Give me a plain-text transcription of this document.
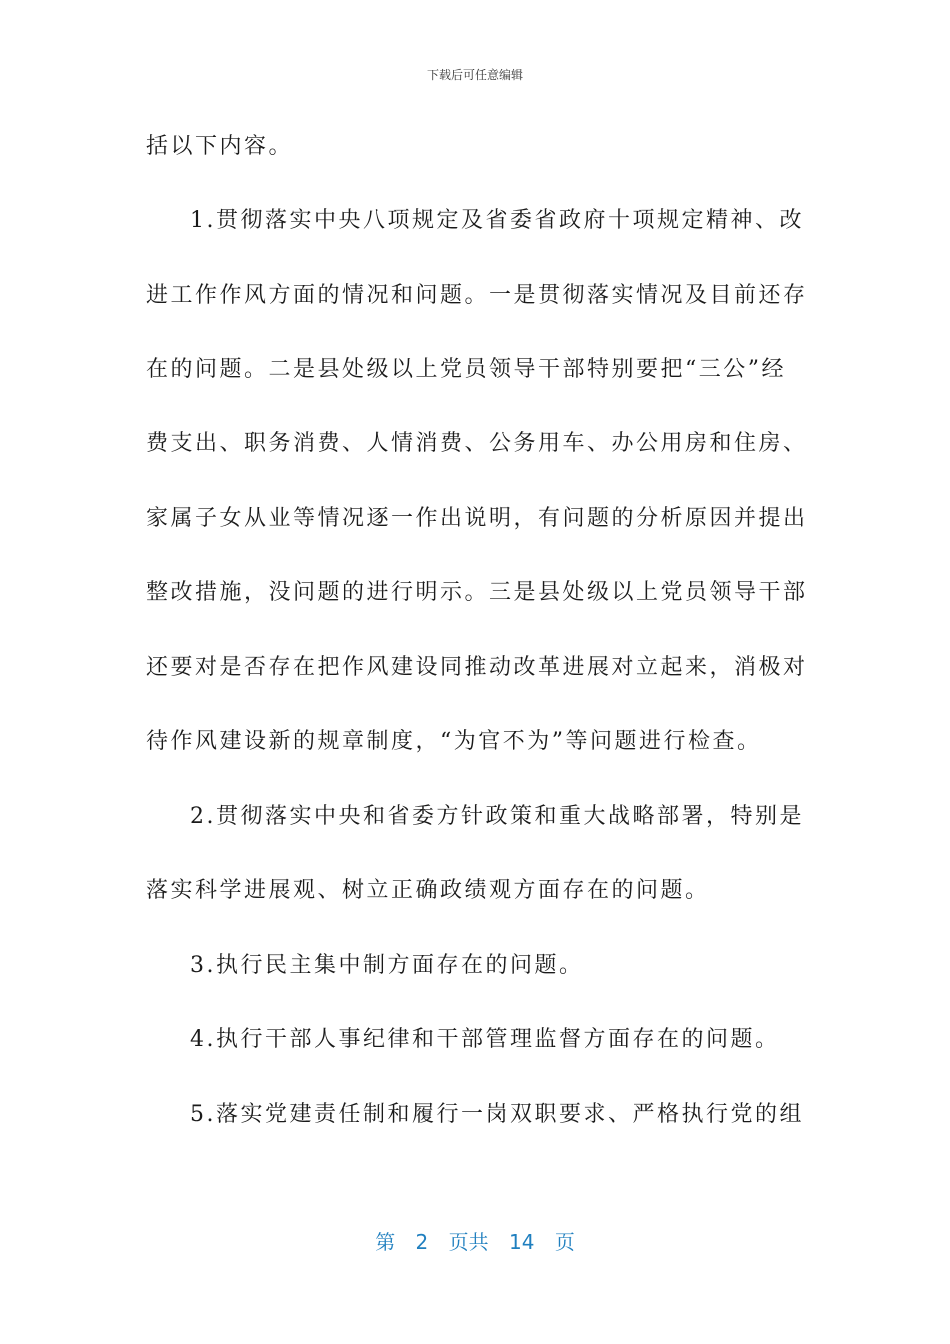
下载后可任意编辑
括以下内容。
1.贯彻落实中央八项规定及省委省政府十项规定精神、改
进工作作风方面的情况和问题。一是贯彻落实情况及目前还存
在的问题。二是县处级以上党员领导干部特别要把“三公”经
费支出、职务消费、人情消费、公务用车、办公用房和住房、
家属子女从业等情况逐一作出说明，有问题的分析原因并提出
整改措施，没问题的进行明示。三是县处级以上党员领导干部
还要对是否存在把作风建设同推动改革进展对立起来，消极对
待作风建设新的规章制度，“为官不为”等问题进行检查。
2.贯彻落实中央和省委方针政策和重大战略部署，特别是
落实科学进展观、树立正确政绩观方面存在的问题。
3.执行民主集中制方面存在的问题。
4.执行干部人事纪律和干部管理监督方面存在的问题。
5.落实党建责任制和履行一岗双职要求、严格执行党的组
第 2 页共 14 页
